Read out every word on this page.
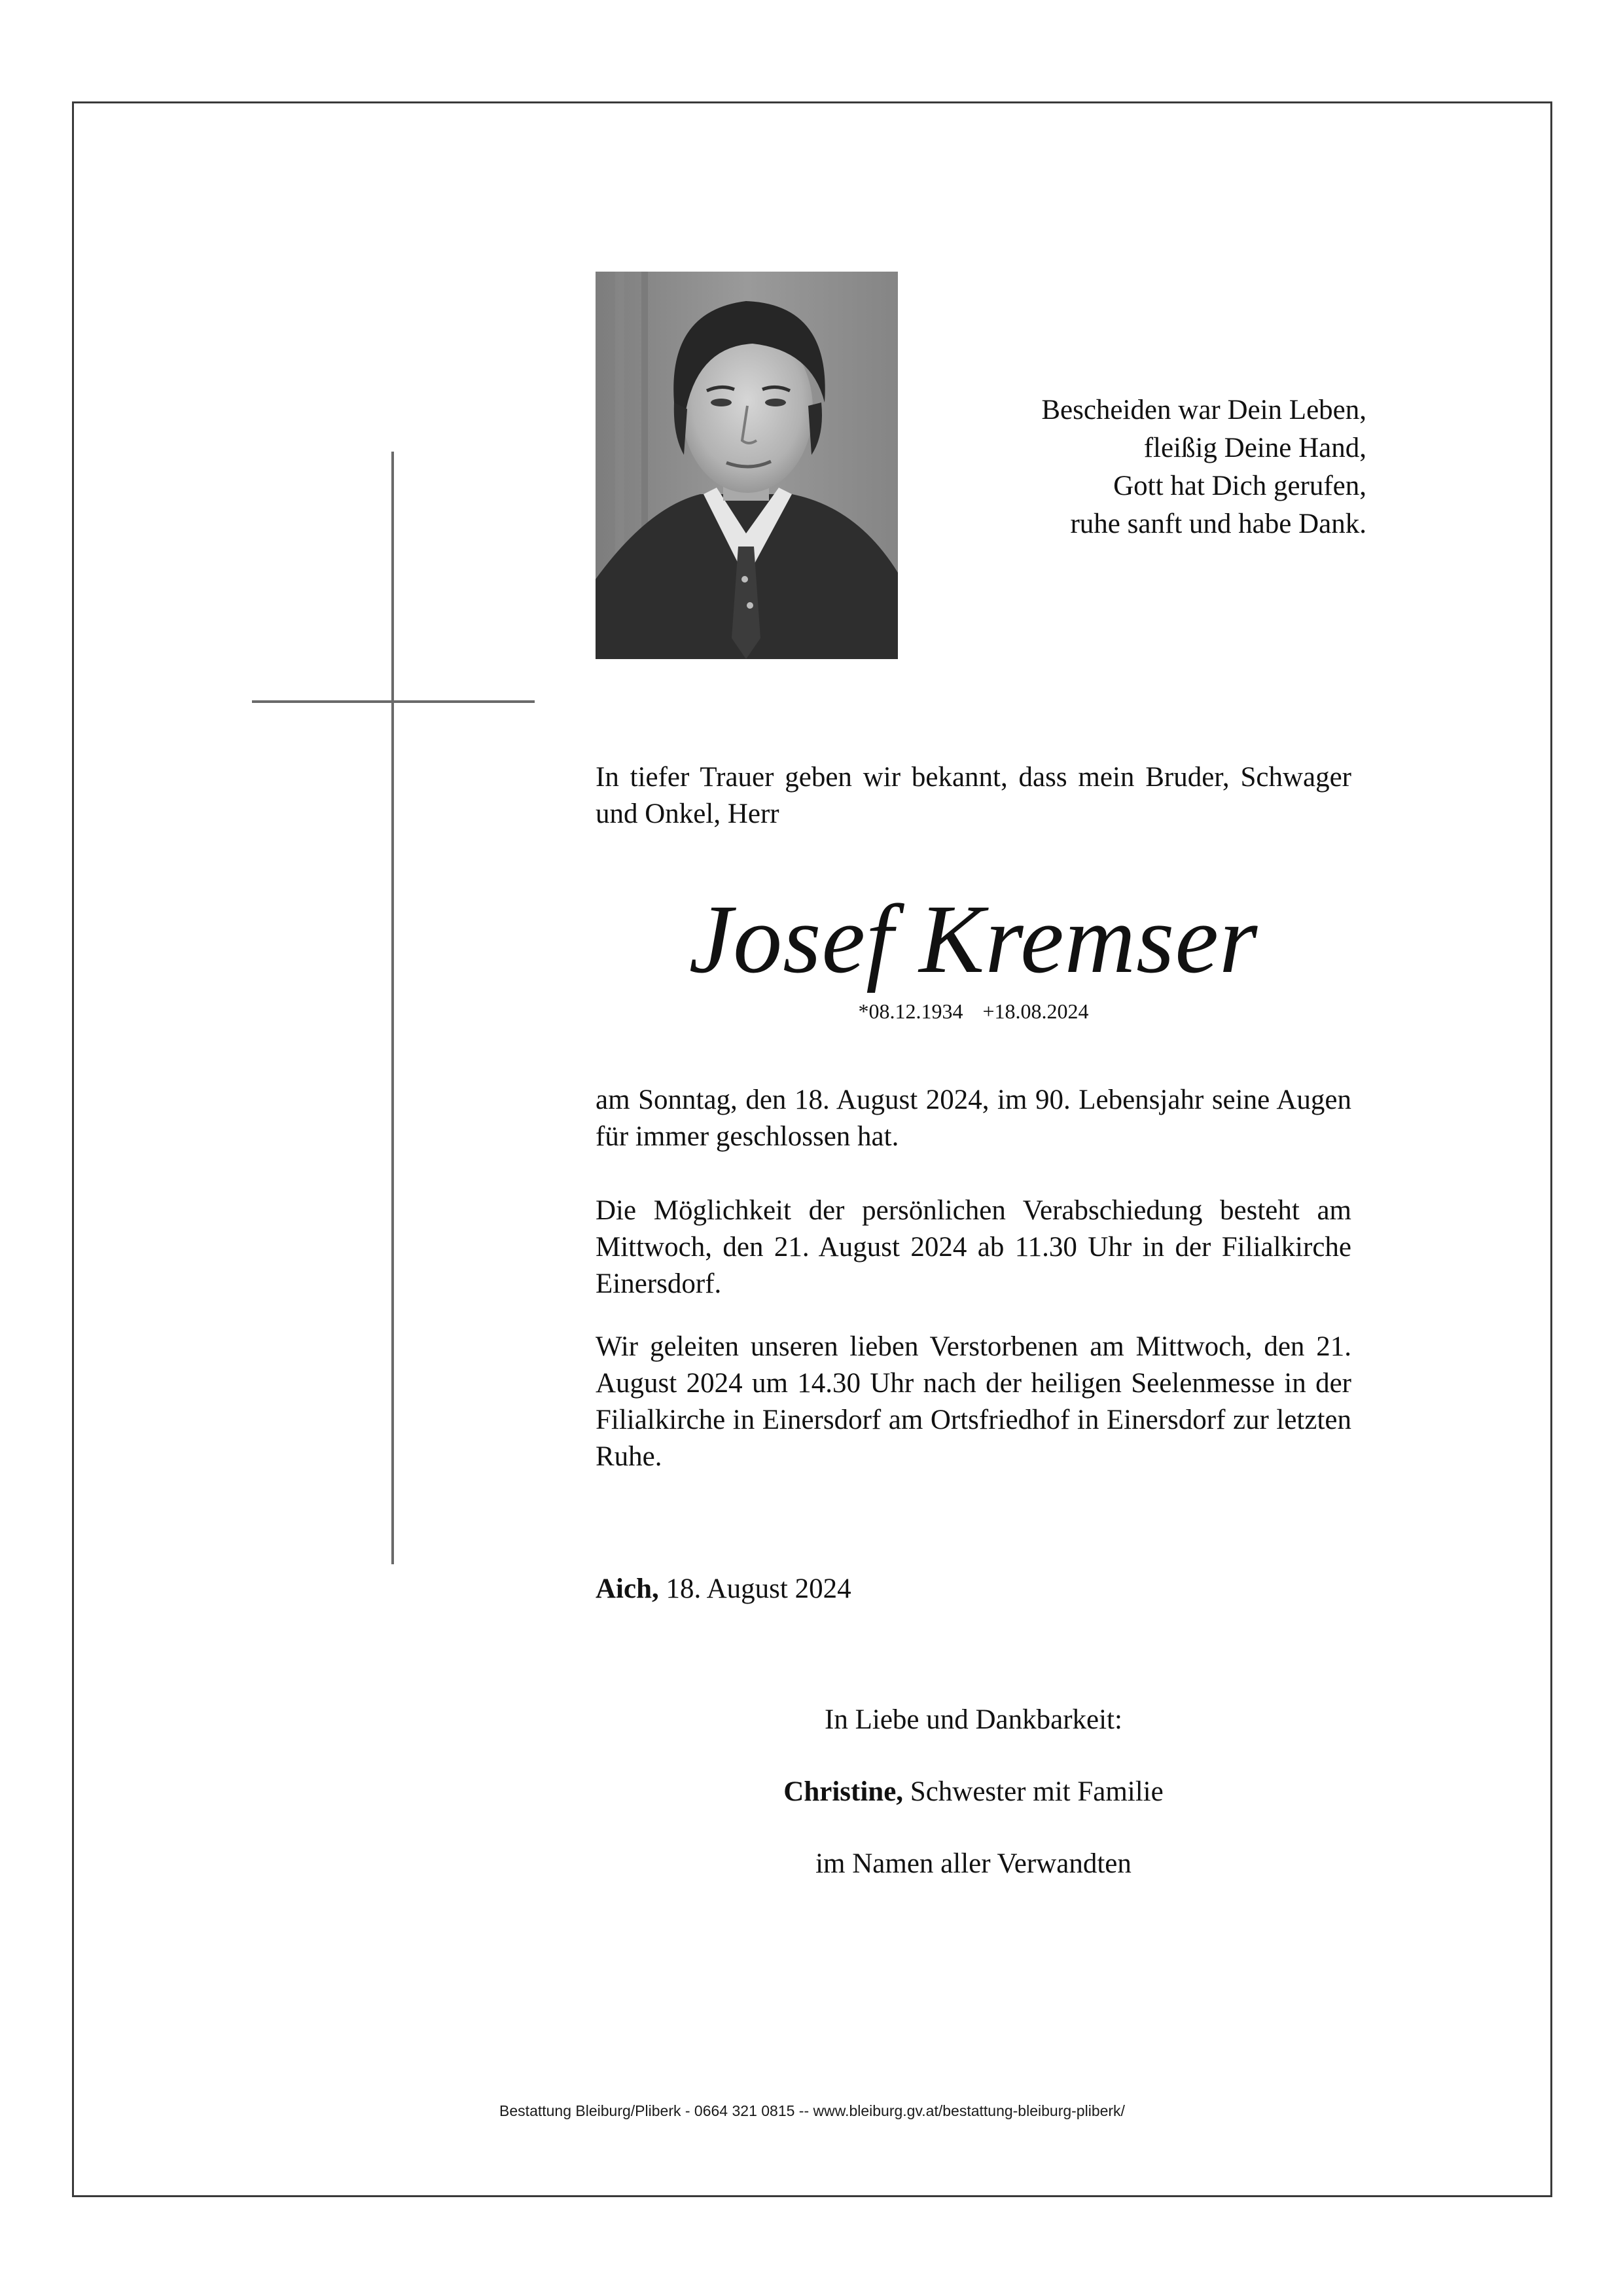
Bescheiden war Dein Leben,
fleißig Deine Hand,
Gott hat Dich gerufen,
ruhe sanft und habe Dank.
In tiefer Trauer geben wir bekannt, dass mein Bruder, Schwager und Onkel, Herr
Josef Kremser
*08.12.1934 +18.08.2024
am Sonntag, den 18. August 2024, im 90. Lebensjahr seine Augen für immer geschlossen hat.
Die Möglichkeit der persönlichen Verabschiedung besteht am Mittwoch, den 21. August 2024 ab 11.30 Uhr in der Filialkirche Einersdorf.
Wir geleiten unseren lieben Verstorbenen am Mittwoch, den 21. August 2024 um 14.30 Uhr nach der heiligen Seelenmesse in der Filialkirche in Einersdorf am Ortsfriedhof in Einersdorf zur letzten Ruhe.
Aich, 18. August 2024
In Liebe und Dankbarkeit:
Christine, Schwester mit Familie
im Namen aller Verwandten
Bestattung Bleiburg/Pliberk - 0664 321 0815 -- www.bleiburg.gv.at/bestattung-bleiburg-pliberk/
